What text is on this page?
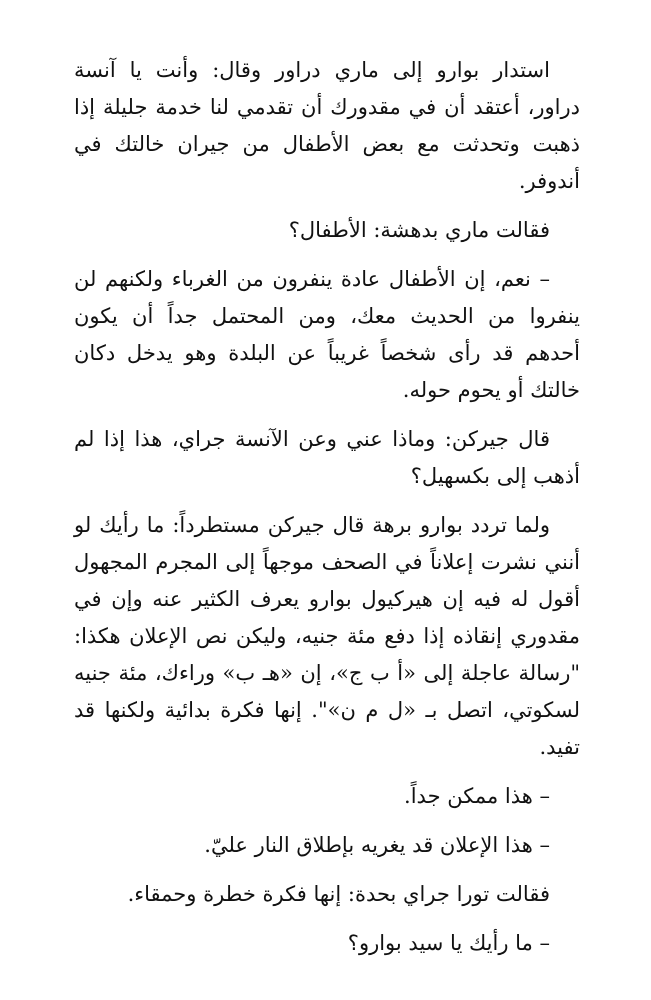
استدار بوارو إلى ماري دراور وقال: وأنت يا آنسة دراور، أعتقد أن في مقدورك أن تقدمي لنا خدمة جليلة إذا ذهبت وتحدثت مع بعض الأطفال من جيران خالتك في أندوفر.

فقالت ماري بدهشة: الأطفال؟

– نعم، إن الأطفال عادة ينفرون من الغرباء ولكنهم لن ينفروا من الحديث معك، ومن المحتمل جداً أن يكون أحدهم قد رأى شخصاً غريباً عن البلدة وهو يدخل دكان خالتك أو يحوم حوله.

قال جيركن: وماذا عني وعن الآنسة جراي، هذا إذا لم أذهب إلى بكسهيل؟

ولما تردد بوارو برهة قال جيركن مستطرداً: ما رأيك لو أنني نشرت إعلاناً في الصحف موجهاً إلى المجرم المجهول أقول له فيه إن هيركيول بوارو يعرف الكثير عنه وإن في مقدوري إنقاذه إذا دفع مئة جنيه، وليكن نص الإعلان هكذا: "رسالة عاجلة إلى «أ ب ج»، إن «هـ ب» وراءك، مئة جنيه لسكوتي، اتصل بـ «ل م ن»". إنها فكرة بدائية ولكنها قد تفيد.

– هذا ممكن جداً.

– هذا الإعلان قد يغريه بإطلاق النار عليّ.

فقالت تورا جراي بحدة: إنها فكرة خطرة وحمقاء.

– ما رأيك يا سيد بوارو؟
